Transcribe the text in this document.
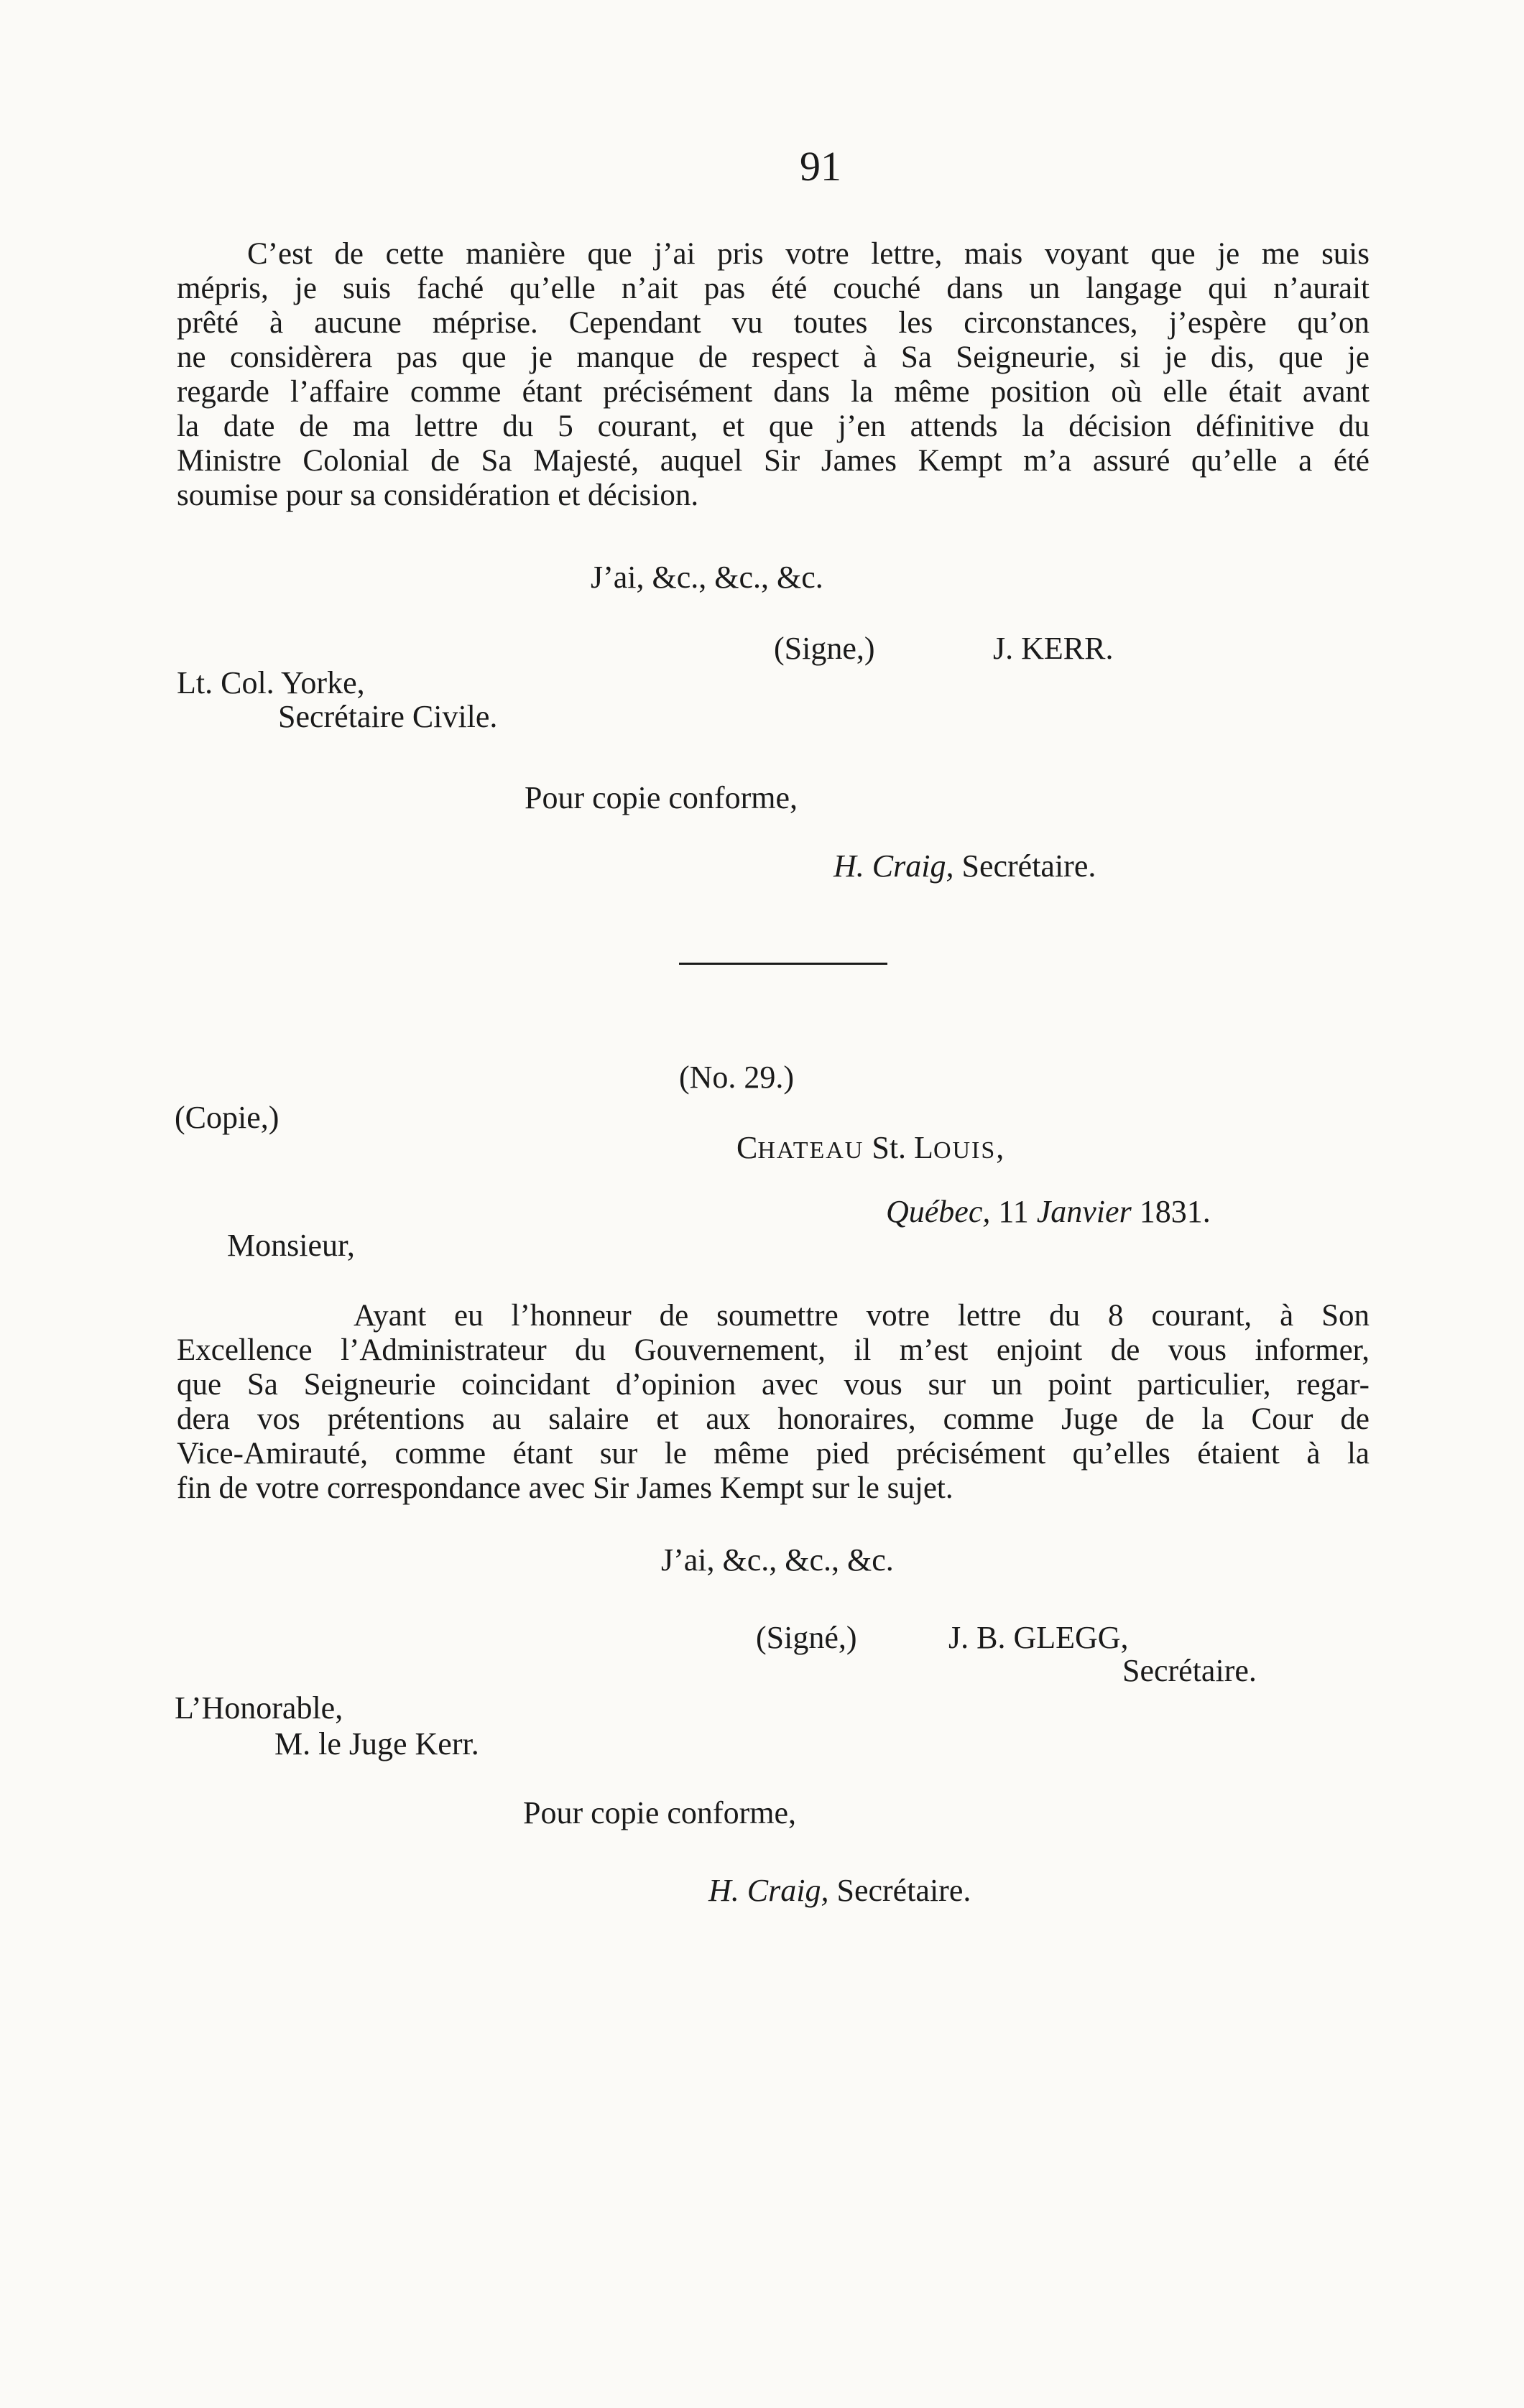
91
C’est de cette manière que j’ai pris votre lettre, mais voyant que je me suis
mépris, je suis faché qu’elle n’ait pas été couché dans un langage qui n’aurait
prêté à aucune méprise. Cependant vu toutes les circonstances, j’espère qu’on
ne considèrera pas que je manque de respect à Sa Seigneurie, si je dis, que je
regarde l’affaire comme étant précisément dans la même position où elle était avant
la date de ma lettre du 5 courant, et que j’en attends la décision définitive du
Ministre Colonial de Sa Majesté, auquel Sir James Kempt m’a assuré qu’elle a été
soumise pour sa considération et décision.
J’ai, &c., &c., &c.
(Signe,)	J. KERR.
Lt. Col. Yorke,
Secrétaire Civile.
Pour copie conforme,
H. Craig, Secrétaire.
(No. 29.)
(Copie,)
CHATEAU St. LOUIS,
Québec, 11 Janvier 1831.
Monsieur,
Ayant eu l’honneur de soumettre votre lettre du 8 courant, à Son
Excellence l’Administrateur du Gouvernement, il m’est enjoint de vous informer,
que Sa Seigneurie coincidant d’opinion avec vous sur un point particulier, regar-
dera vos prétentions au salaire et aux honoraires, comme Juge de la Cour de
Vice-Amirauté, comme étant sur le même pied précisément qu’elles étaient à la
fin de votre correspondance avec Sir James Kempt sur le sujet.
J’ai, &c., &c., &c.
(Signé,)	J. B. GLEGG,
Secrétaire.
L’Honorable,
M. le Juge Kerr.
Pour copie conforme,
H. Craig, Secrétaire.
